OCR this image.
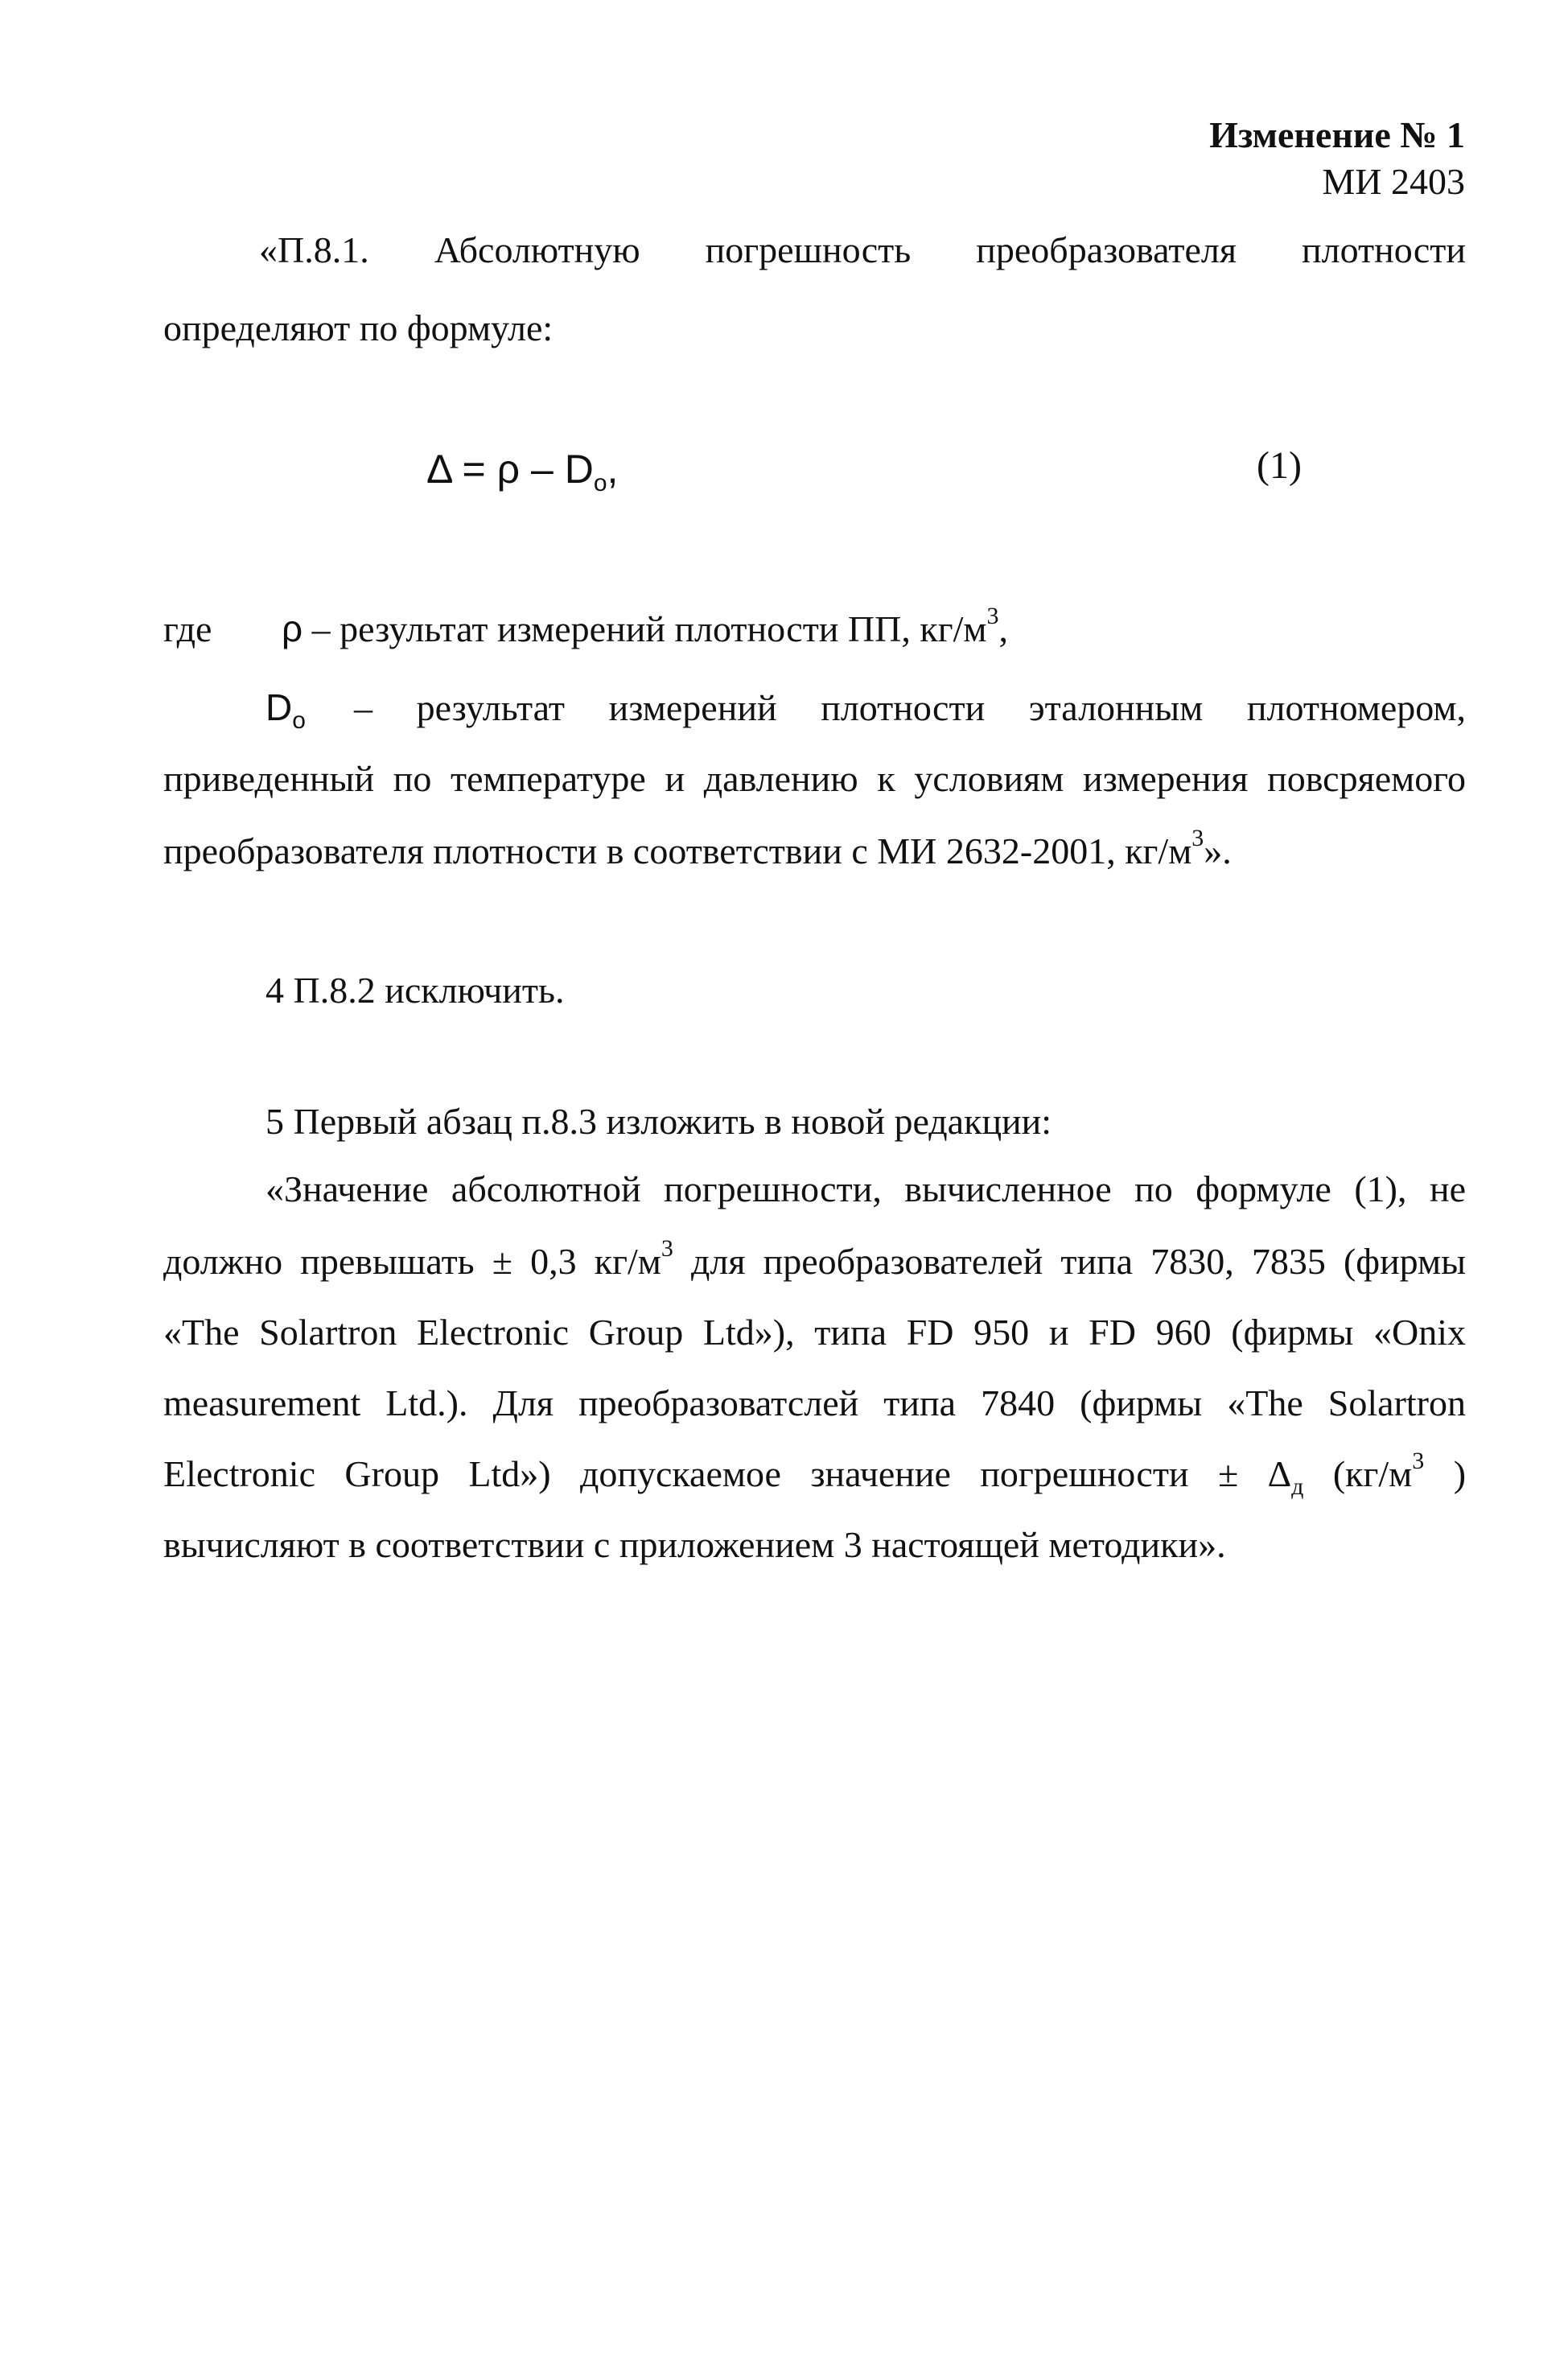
Изменение № 1
МИ 2403
«П.8.1. Абсолютную погрешность преобразователя плотности
определяют по формуле:
$\Delta = \rho - D_о$,	(1)
где ρ – результат измерений плотности ПП, $кг/м^3$,
$D_о$ – результат измерений плотности эталонным плотномером,
приведенный по температуре и давлению к условиям измерения повсряемого
преобразователя плотности в соответствии с МИ 2632-2001, $кг/м^3$».
4 П.8.2 исключить.
5 Первый абзац п.8.3 изложить в новой редакции:
«Значение абсолютной погрешности, вычисленное по формуле (1), не
должно превышать ± 0,3 $кг/м^3$ для преобразователей типа 7830, 7835 (фирмы
«The Solartron Electronic Group Ltd»), типа FD 950 и FD 960 (фирмы «Onix
measurement Ltd.). Для преобразоватслей типа 7840 (фирмы «The Solartron
Electronic Group Ltd») допускаемое значение погрешности ± $\Delta_д$ ($кг/м^3$ )
вычисляют в соответствии с приложением 3 настоящей методики».
